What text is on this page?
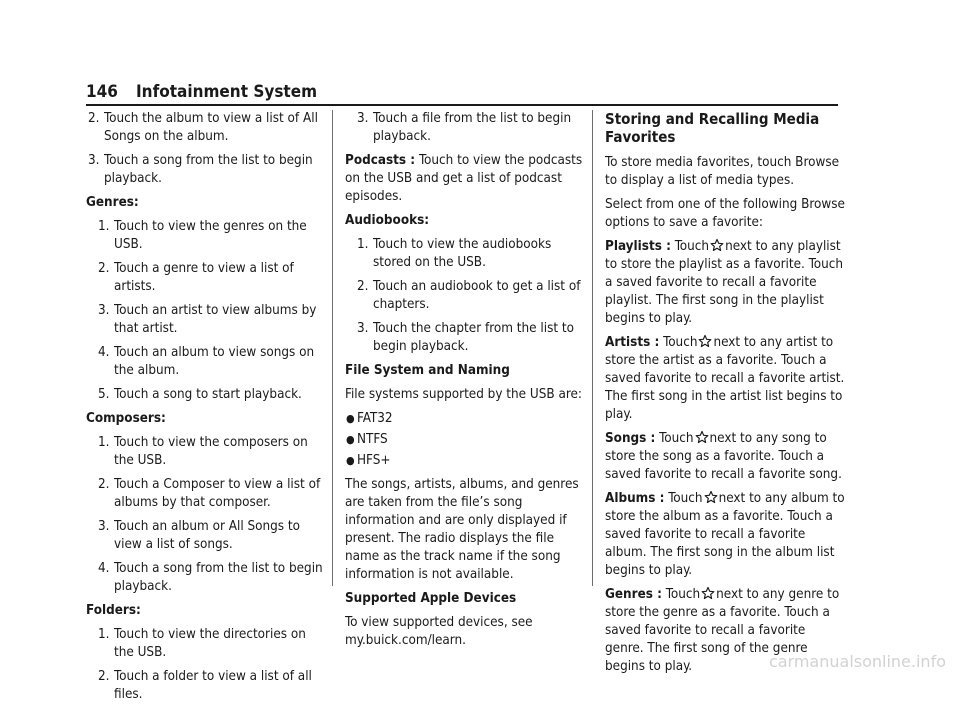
146 Infotainment System
2. Touch the album to view a list of All Songs on the album.
3. Touch a song from the list to begin playback.
Genres:
1. Touch to view the genres on the USB.
2. Touch a genre to view a list of artists.
3. Touch an artist to view albums by that artist.
4. Touch an album to view songs on the album.
5. Touch a song to start playback.
Composers:
1. Touch to view the composers on the USB.
2. Touch a Composer to view a list of albums by that composer.
3. Touch an album or All Songs to view a list of songs.
4. Touch a song from the list to begin playback.
Folders:
1. Touch to view the directories on the USB.
2. Touch a folder to view a list of all files.
3. Touch a file from the list to begin playback.
Podcasts : Touch to view the podcasts on the USB and get a list of podcast episodes.
Audiobooks:
1. Touch to view the audiobooks stored on the USB.
2. Touch an audiobook to get a list of chapters.
3. Touch the chapter from the list to begin playback.
File System and Naming
File systems supported by the USB are:
● FAT32
● NTFS
● HFS+
The songs, artists, albums, and genres are taken from the file’s song information and are only displayed if present. The radio displays the file name as the track name if the song information is not available.
Supported Apple Devices
To view supported devices, see my.buick.com/learn.
Storing and Recalling Media Favorites
To store media favorites, touch Browse to display a list of media types.
Select from one of the following Browse options to save a favorite:
Playlists : Touch next to any playlist to store the playlist as a favorite. Touch a saved favorite to recall a favorite playlist. The first song in the playlist begins to play.
Artists : Touch next to any artist to store the artist as a favorite. Touch a saved favorite to recall a favorite artist. The first song in the artist list begins to play.
Songs : Touch next to any song to store the song as a favorite. Touch a saved favorite to recall a favorite song.
Albums : Touch next to any album to store the album as a favorite. Touch a saved favorite to recall a favorite album. The first song in the album list begins to play.
Genres : Touch next to any genre to store the genre as a favorite. Touch a saved favorite to recall a favorite genre. The first song of the genre begins to play.	carmanualsonline.info
